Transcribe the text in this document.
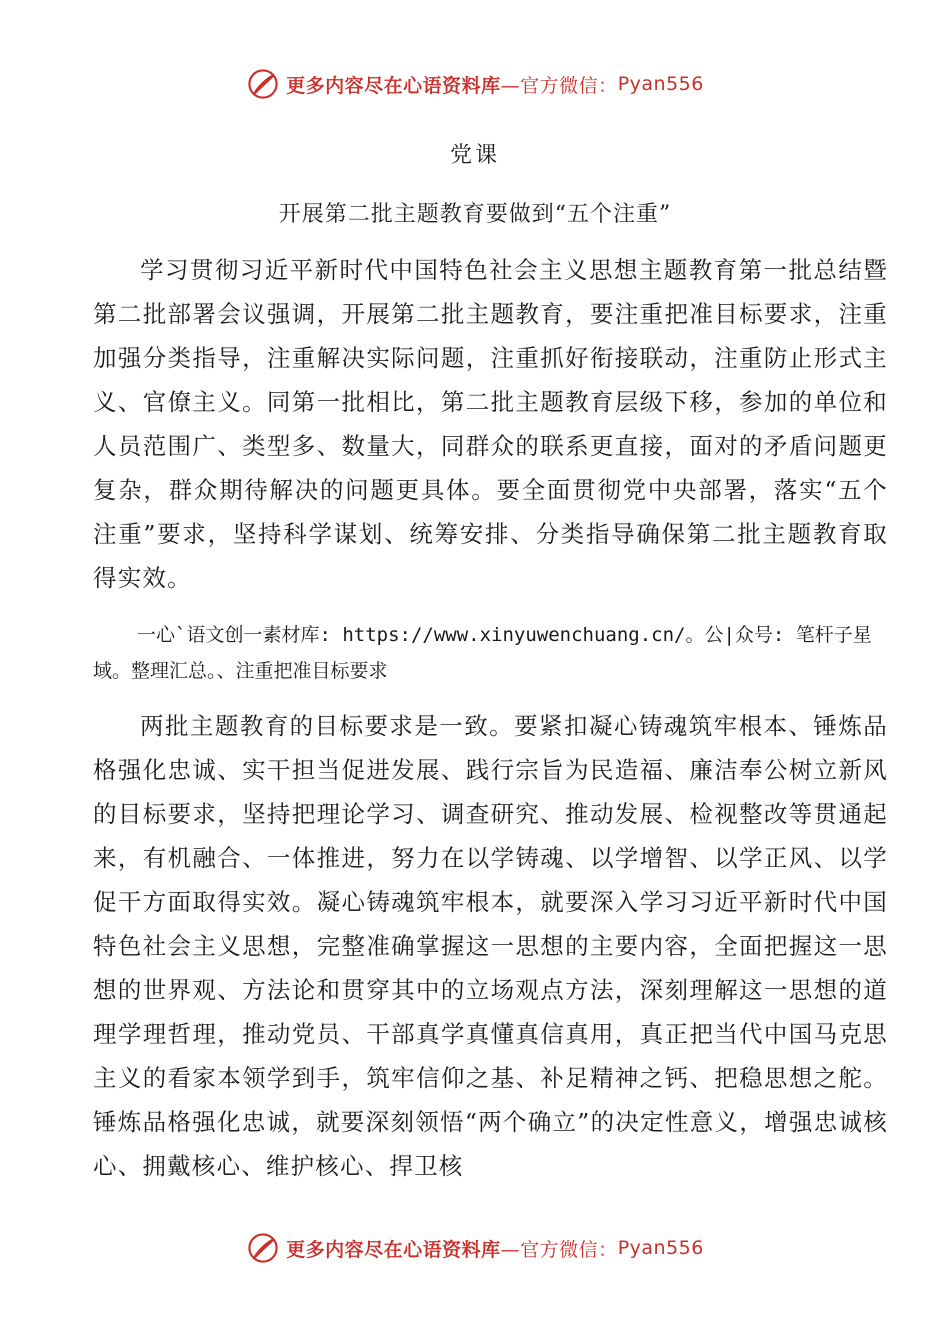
更多内容尽在心语资料库 —官方微信： Pyan556
党课
开展第二批主题教育要做到“五个注重”

学习贯彻习近平新时代中国特色社会主义思想主题教育第一批总结暨第二批部署会议强调，开展第二批主题教育，要注重把准目标要求，注重加强分类指导，注重解决实际问题，注重抓好衔接联动，注重防止形式主义、官僚主义。同第一批相比，第二批主题教育层级下移，参加的单位和人员范围广、类型多、数量大，同群众的联系更直接，面对的矛盾问题更复杂，群众期待解决的问题更具体。要全面贯彻党中央部署，落实“五个注重”要求，坚持科学谋划、统筹安排、分类指导确保第二批主题教育取得实效。

一心`语文创一素材库: https://www.xinyuwenchuang.cn/。公|众号: 笔杆子星域。整理汇总。、注重把准目标要求

两批主题教育的目标要求是一致。要紧扣凝心铸魂筑牢根本、锤炼品格强化忠诚、实干担当促进发展、践行宗旨为民造福、廉洁奉公树立新风的目标要求，坚持把理论学习、调查研究、推动发展、检视整改等贯通起来，有机融合、一体推进，努力在以学铸魂、以学增智、以学正风、以学促干方面取得实效。凝心铸魂筑牢根本，就要深入学习习近平新时代中国特色社会主义思想，完整准确掌握这一思想的主要内容，全面把握这一思想的世界观、方法论和贯穿其中的立场观点方法，深刻理解这一思想的道理学理哲理，推动党员、干部真学真懂真信真用，真正把当代中国马克思主义的看家本领学到手，筑牢信仰之基、补足精神之钙、把稳思想之舵。锤炼品格强化忠诚，就要深刻领悟“两个确立”的决定性意义，增强忠诚核心、拥戴核心、维护核心、捍卫核

更多内容尽在心语资料库 —官方微信： Pyan556
